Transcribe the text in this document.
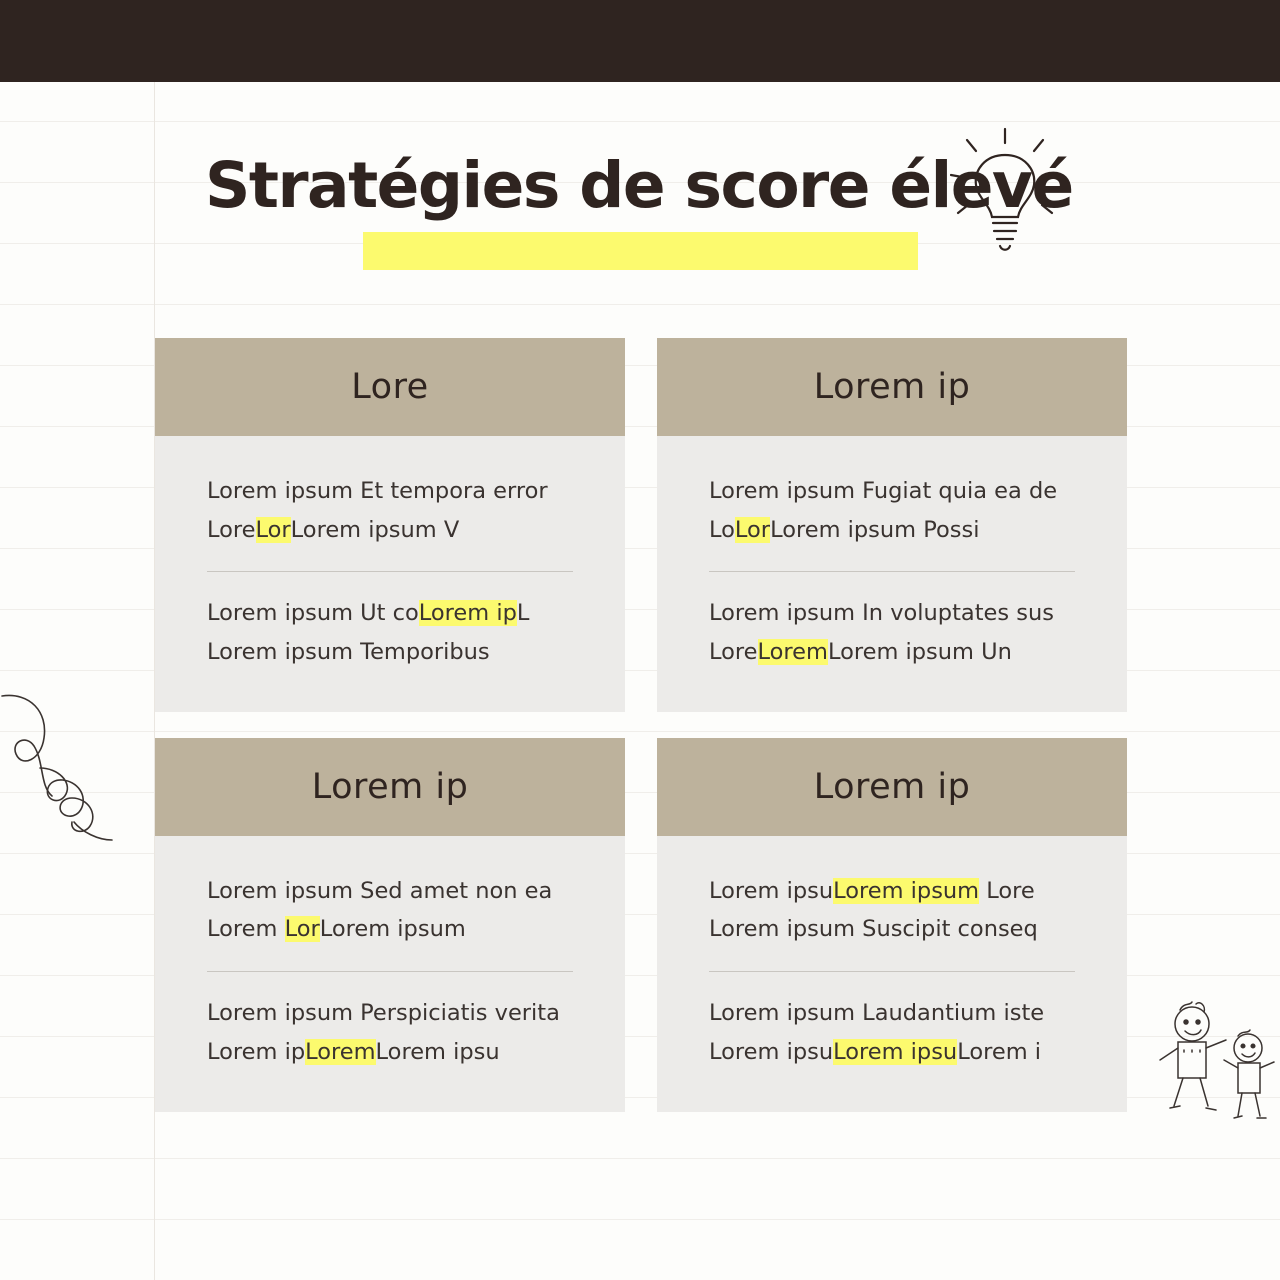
Stratégies de score élevé
Lore
Lorem ipsum Et tempora error LoreLorLorem ipsum V
Lorem ipsum Ut coLorem ipL Lorem ipsum Temporibus
Lorem ip
Lorem ipsum Fugiat quia ea de LoLorLorem ipsum Possi
Lorem ipsum In voluptates sus LoreLoremLorem ipsum Un
Lorem ip
Lorem ipsum Sed amet non ea Lorem LorLorem ipsum
Lorem ipsum Perspiciatis verita Lorem ipLoremLorem ipsu
Lorem ip
Lorem ipsuLorem ipsum Lore Lorem ipsum Suscipit conseq
Lorem ipsum Laudantium iste Lorem ipsuLorem ipsuLorem i
